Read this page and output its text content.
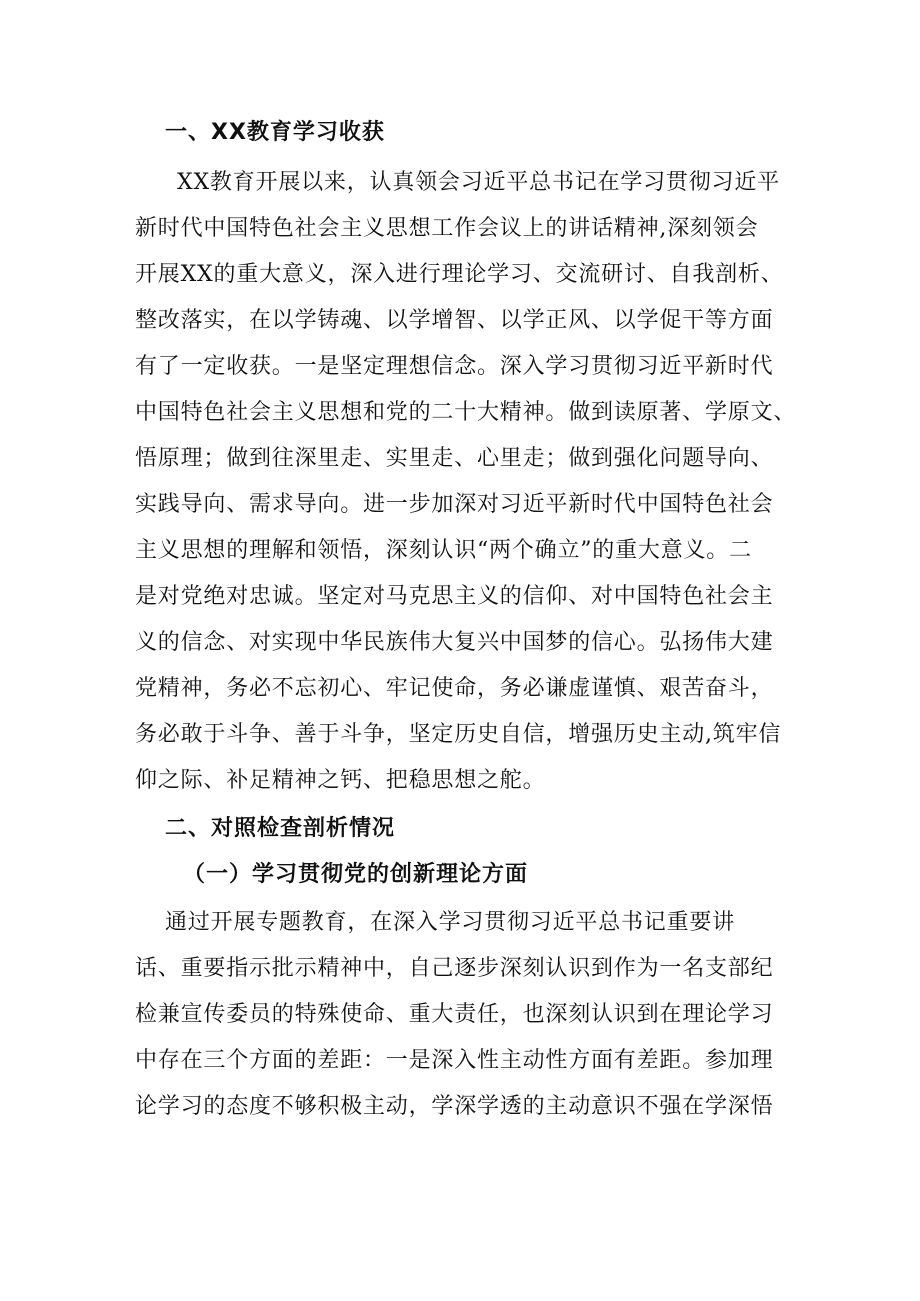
一、XX教育学习收获
XX教育开展以来，认真领会习近平总书记在学习贯彻习近平
新时代中国特色社会主义思想工作会议上的讲话精神,深刻领会
开展XX的重大意义，深入进行理论学习、交流研讨、自我剖析、
整改落实，在以学铸魂、以学增智、以学正风、以学促干等方面
有了一定收获。一是坚定理想信念。深入学习贯彻习近平新时代
中国特色社会主义思想和党的二十大精神。做到读原著、学原文、
悟原理；做到往深里走、实里走、心里走；做到强化问题导向、
实践导向、需求导向。进一步加深对习近平新时代中国特色社会
主义思想的理解和领悟，深刻认识“两个确立”的重大意义。二
是对党绝对忠诚。坚定对马克思主义的信仰、对中国特色社会主
义的信念、对实现中华民族伟大复兴中国梦的信心。弘扬伟大建
党精神，务必不忘初心、牢记使命，务必谦虚谨慎、艰苦奋斗，
务必敢于斗争、善于斗争，坚定历史自信，增强历史主动,筑牢信
仰之际、补足精神之钙、把稳思想之舵。
二、对照检查剖析情况
（一）学习贯彻党的创新理论方面
通过开展专题教育，在深入学习贯彻习近平总书记重要讲
话、重要指示批示精神中，自己逐步深刻认识到作为一名支部纪
检兼宣传委员的特殊使命、重大责任，也深刻认识到在理论学习
中存在三个方面的差距：一是深入性主动性方面有差距。参加理
论学习的态度不够积极主动，学深学透的主动意识不强在学深悟
